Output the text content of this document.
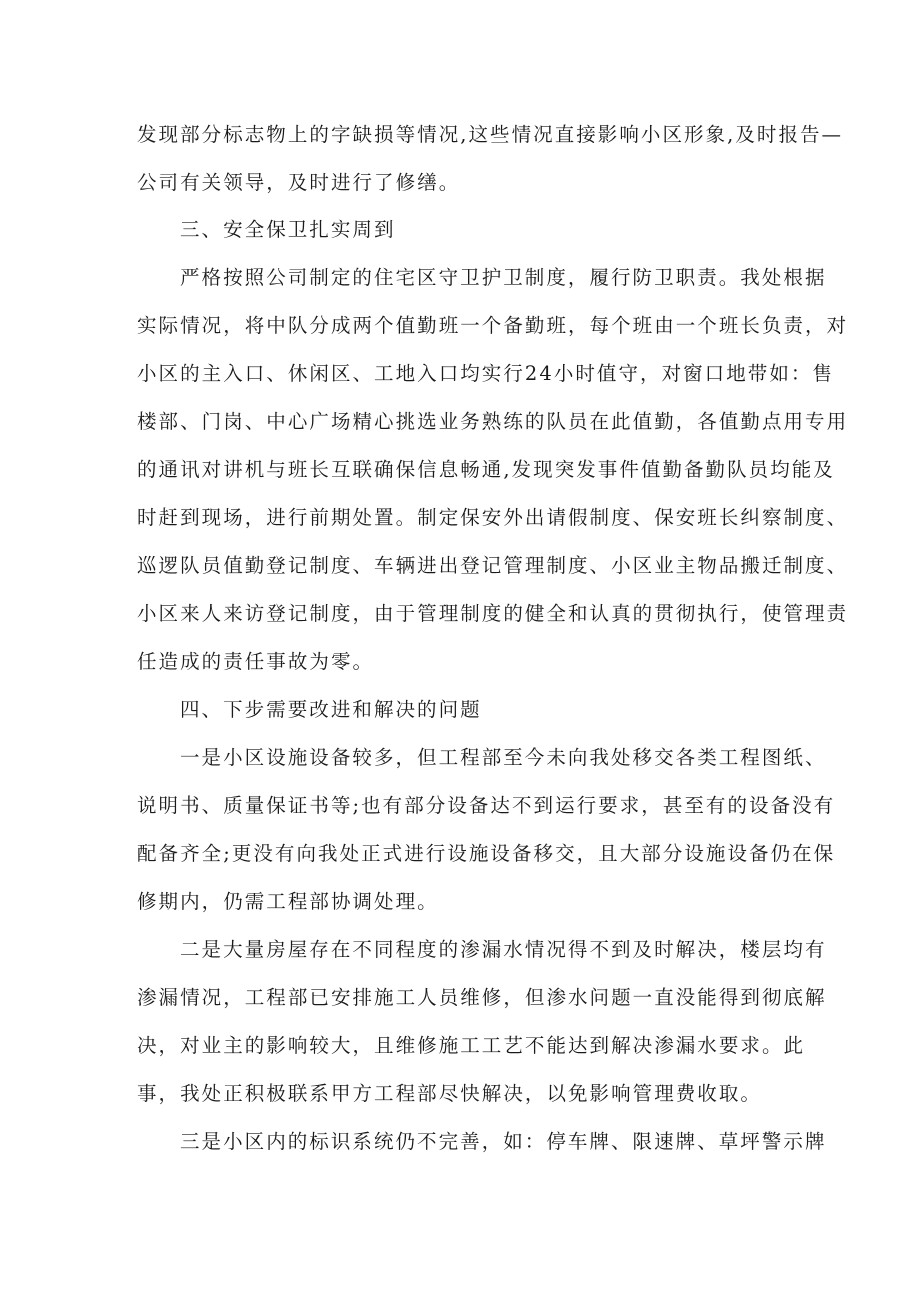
发现部分标志物上的字缺损等情况,这些情况直接影响小区形象,及时报告—
公司有关领导，及时进行了修缮。
三、安全保卫扎实周到
严格按照公司制定的住宅区守卫护卫制度，履行防卫职责。我处根据
实际情况，将中队分成两个值勤班一个备勤班，每个班由一个班长负责，对
小区的主入口、休闲区、工地入口均实行24小时值守，对窗口地带如：售
楼部、门岗、中心广场精心挑选业务熟练的队员在此值勤，各值勤点用专用
的通讯对讲机与班长互联确保信息畅通,发现突发事件值勤备勤队员均能及
时赶到现场，进行前期处置。制定保安外出请假制度、保安班长纠察制度、
巡逻队员值勤登记制度、车辆进出登记管理制度、小区业主物品搬迁制度、
小区来人来访登记制度，由于管理制度的健全和认真的贯彻执行，使管理责
任造成的责任事故为零。
四、下步需要改进和解决的问题
一是小区设施设备较多，但工程部至今未向我处移交各类工程图纸、
说明书、质量保证书等;也有部分设备达不到运行要求，甚至有的设备没有
配备齐全;更没有向我处正式进行设施设备移交，且大部分设施设备仍在保
修期内，仍需工程部协调处理。
二是大量房屋存在不同程度的渗漏水情况得不到及时解决，楼层均有
渗漏情况，工程部已安排施工人员维修，但渗水问题一直没能得到彻底解
决，对业主的影响较大，且维修施工工艺不能达到解决渗漏水要求。此
事，我处正积极联系甲方工程部尽快解决，以免影响管理费收取。
三是小区内的标识系统仍不完善，如：停车牌、限速牌、草坪警示牌
